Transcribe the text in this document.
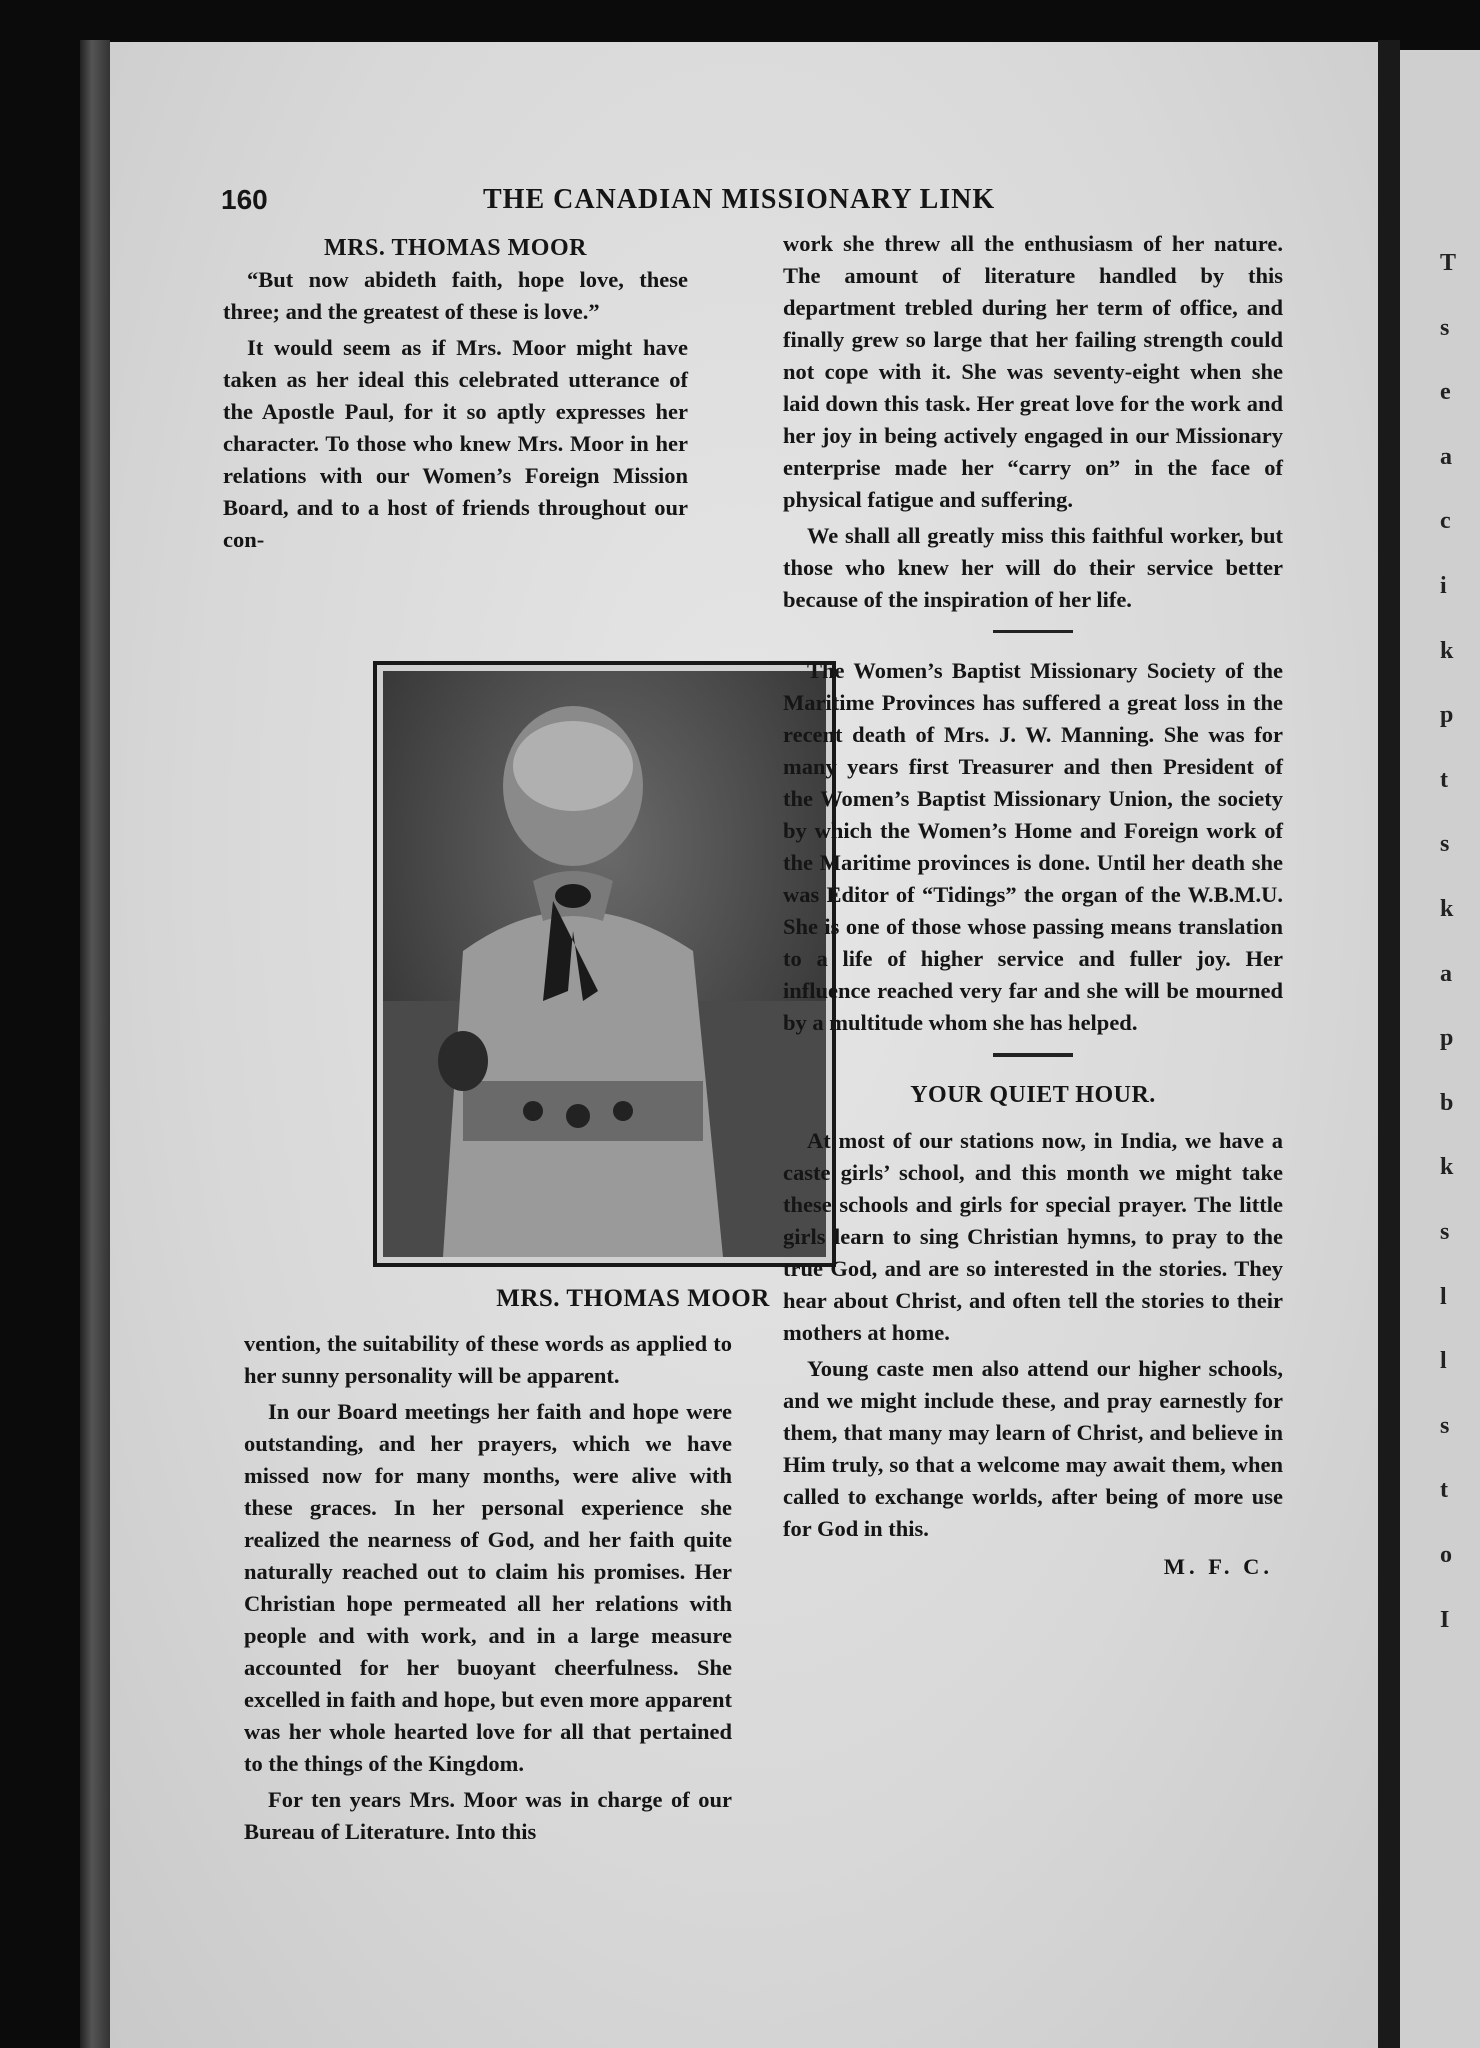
T
s
e
a
c
i
k
p
t
s
k
a
p
b
k
s
l
l
s
t
o
I
160	THE CANADIAN MISSIONARY LINK
MRS. THOMAS MOOR

“But now abideth faith, hope love, these three; and the greatest of these is love.”

It would seem as if Mrs. Moor might have taken as her ideal this celebrated utterance of the Apostle Paul, for it so aptly expresses her character. To those who knew Mrs. Moor in her relations with our Women’s Foreign Mission Board, and to a host of friends throughout our con-

MRS. THOMAS MOOR

vention, the suitability of these words as applied to her sunny personality will be apparent.

In our Board meetings her faith and hope were outstanding, and her prayers, which we have missed now for many months, were alive with these graces. In her personal experience she realized the nearness of God, and her faith quite naturally reached out to claim his promises. Her Christian hope permeated all her relations with people and with work, and in a large measure accounted for her buoyant cheerfulness. She excelled in faith and hope, but even more apparent was her whole hearted love for all that pertained to the things of the Kingdom.

For ten years Mrs. Moor was in charge of our Bureau of Literature. Into this

work she threw all the enthusiasm of her nature. The amount of literature handled by this department trebled during her term of office, and finally grew so large that her failing strength could not cope with it. She was seventy-eight when she laid down this task. Her great love for the work and her joy in being actively engaged in our Missionary enterprise made her “carry on” in the face of physical fatigue and suffering.

We shall all greatly miss this faithful worker, but those who knew her will do their service better because of the inspiration of her life.

The Women’s Baptist Missionary Society of the Maritime Provinces has suffered a great loss in the recent death of Mrs. J. W. Manning. She was for many years first Treasurer and then President of the Women’s Baptist Missionary Union, the society by which the Women’s Home and Foreign work of the Maritime provinces is done. Until her death she was Editor of “Tidings” the organ of the W.B.M.U. She is one of those whose passing means translation to a life of higher service and fuller joy. Her influence reached very far and she will be mourned by a multitude whom she has helped.

YOUR QUIET HOUR.

At most of our stations now, in India, we have a caste girls’ school, and this month we might take these schools and girls for special prayer. The little girls learn to sing Christian hymns, to pray to the true God, and are so interested in the stories. They hear about Christ, and often tell the stories to their mothers at home.

Young caste men also attend our higher schools, and we might include these, and pray earnestly for them, that many may learn of Christ, and believe in Him truly, so that a welcome may await them, when called to exchange worlds, after being of more use for God in this.

M. F. C.
